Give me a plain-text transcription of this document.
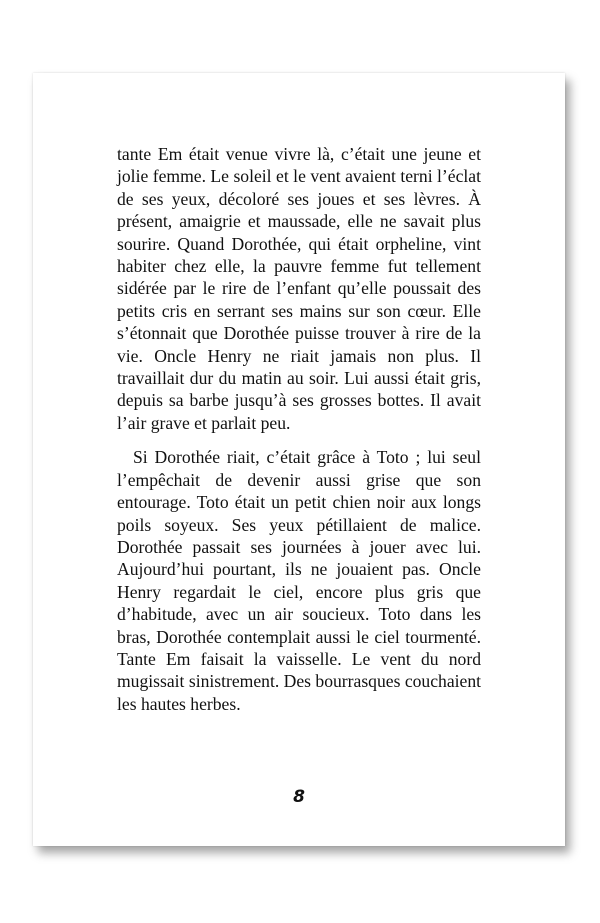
tante Em était venue vivre là, c’était une jeune et jolie femme. Le soleil et le vent avaient terni l’éclat de ses yeux, décoloré ses joues et ses lèvres. À présent, amaigrie et maussade, elle ne savait plus sourire. Quand Dorothée, qui était orpheline, vint habiter chez elle, la pauvre femme fut tellement sidérée par le rire de l’enfant qu’elle poussait des petits cris en serrant ses mains sur son cœur. Elle s’étonnait que Dorothée puisse trouver à rire de la vie. Oncle Henry ne riait jamais non plus. Il travaillait dur du matin au soir. Lui aussi était gris, depuis sa barbe jusqu’à ses grosses bottes. Il avait l’air grave et parlait peu.

Si Dorothée riait, c’était grâce à Toto ; lui seul l’empêchait de devenir aussi grise que son entourage. Toto était un petit chien noir aux longs poils soyeux. Ses yeux pétillaient de malice. Dorothée passait ses journées à jouer avec lui. Aujourd’hui pourtant, ils ne jouaient pas. Oncle Henry regardait le ciel, encore plus gris que d’habitude, avec un air soucieux. Toto dans les bras, Dorothée contemplait aussi le ciel tourmenté. Tante Em faisait la vaisselle. Le vent du nord mugissait sinistrement. Des bourrasques couchaient les hautes herbes.

8
